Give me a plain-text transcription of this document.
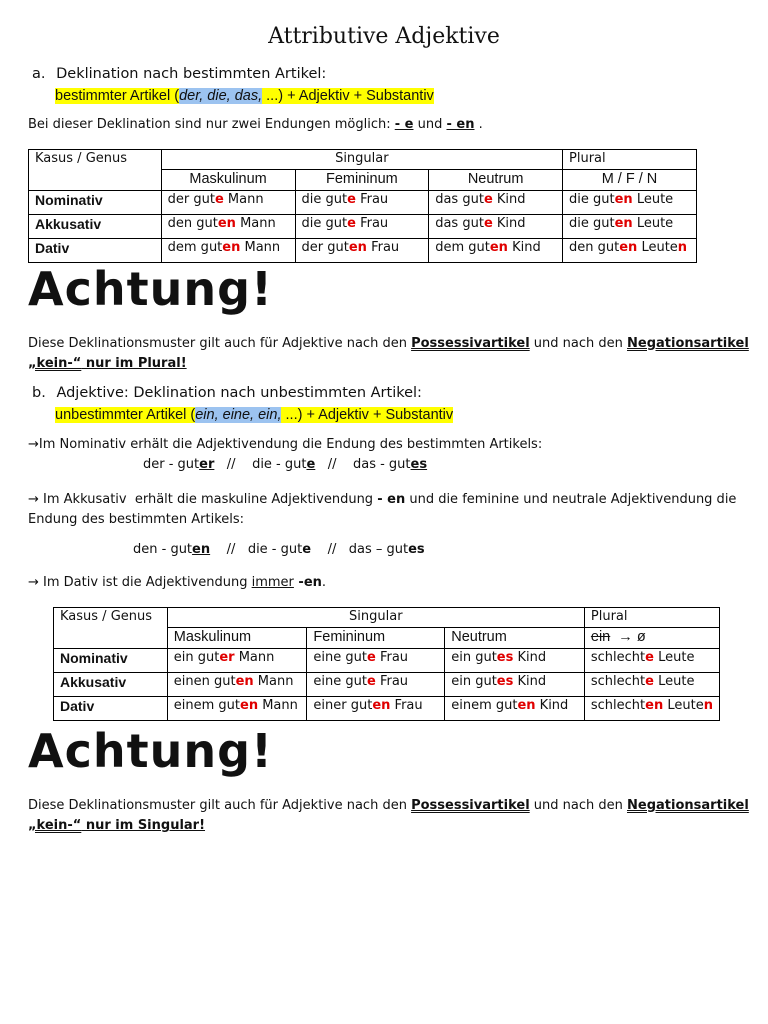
Attributive Adjektive
a. Deklination nach bestimmten Artikel:
bestimmter Artikel (der, die, das, ...) + Adjektiv + Substantiv
Bei dieser Deklination sind nur zwei Endungen möglich: - e und - en .
Kasus / Genus	Singular			Plural
	Maskulinum	Femininum	Neutrum	M / F / N
Nominativ	der gute Mann	die gute Frau	das gute Kind	die guten Leute
Akkusativ	den guten Mann	die gute Frau	das gute Kind	die guten Leute
Dativ	dem guten Mann	der guten Frau	dem guten Kind	den guten Leuten
Achtung!
Diese Deklinationsmuster gilt auch für Adjektive nach den Possessivartikel und nach den Negationsartikel
„kein-“ nur im Plural!
b. Adjektive: Deklination nach unbestimmten Artikel:
unbestimmter Artikel (ein, eine, ein, ...) + Adjektiv + Substantiv
→Im Nominativ erhält die Adjektivendung die Endung des bestimmten Artikels:
der - guter   //    die - gute   //    das - gutes
→ Im Akkusativ  erhält die maskuline Adjektivendung - en und die feminine und neutrale Adjektivendung die
Endung des bestimmten Artikels:
den - guten    //   die - gute    //   das – gutes
→ Im Dativ ist die Adjektivendung immer -en.
Kasus / Genus	Singular			Plural
	Maskulinum	Femininum	Neutrum	ein  → ø
Nominativ	ein guter Mann	eine gute Frau	ein gutes Kind	schlechte Leute
Akkusativ	einen guten Mann	eine gute Frau	ein gutes Kind	schlechte Leute
Dativ	einem guten Mann	einer guten Frau	einem guten Kind	schlechten Leuten
Achtung!
Diese Deklinationsmuster gilt auch für Adjektive nach den Possessivartikel und nach den Negationsartikel
„kein-“ nur im Singular!
